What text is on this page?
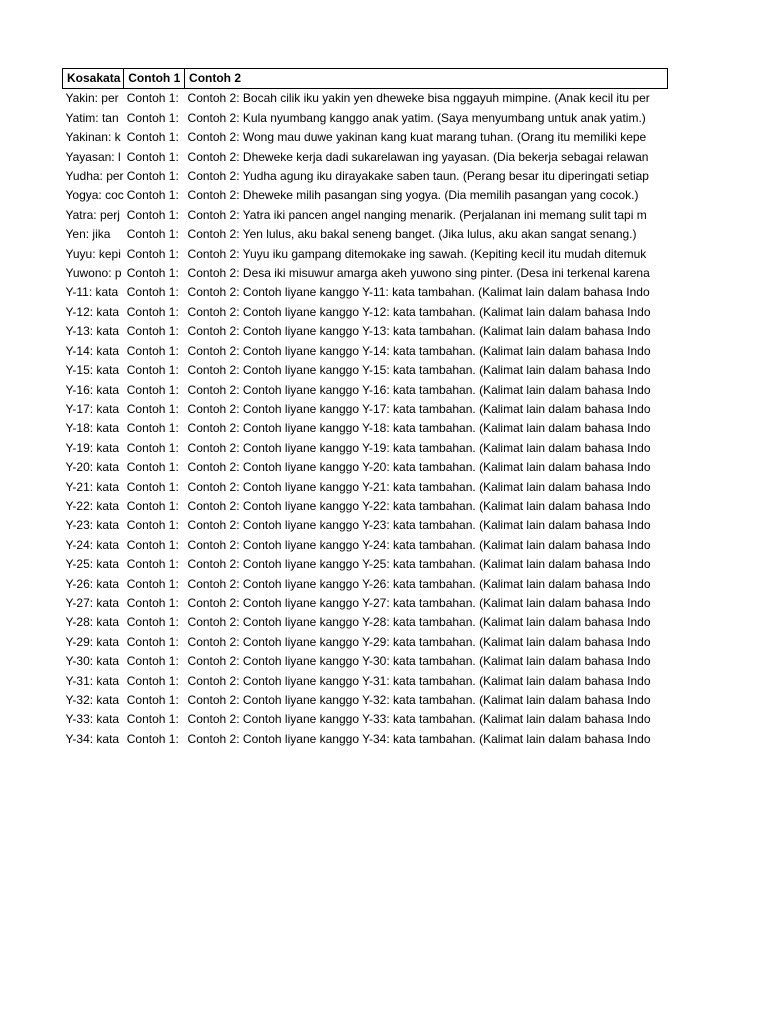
Kosakata	Contoh 1	Contoh 2
Yakin: per	Contoh 1:	Contoh 2: Bocah cilik iku yakin yen dheweke bisa nggayuh mimpine. (Anak kecil itu per
Yatim: tan	Contoh 1:	Contoh 2: Kula nyumbang kanggo anak yatim. (Saya menyumbang untuk anak yatim.)
Yakinan: k	Contoh 1:	Contoh 2: Wong mau duwe yakinan kang kuat marang tuhan. (Orang itu memiliki kepe
Yayasan: l	Contoh 1:	Contoh 2: Dheweke kerja dadi sukarelawan ing yayasan. (Dia bekerja sebagai relawan
Yudha: per	Contoh 1:	Contoh 2: Yudha agung iku dirayakake saben taun. (Perang besar itu diperingati setiap
Yogya: coc	Contoh 1:	Contoh 2: Dheweke milih pasangan sing yogya. (Dia memilih pasangan yang cocok.)
Yatra: perj	Contoh 1:	Contoh 2: Yatra iki pancen angel nanging menarik. (Perjalanan ini memang sulit tapi m
Yen: jika	Contoh 1:	Contoh 2: Yen lulus, aku bakal seneng banget. (Jika lulus, aku akan sangat senang.)
Yuyu: kepi	Contoh 1:	Contoh 2: Yuyu iku gampang ditemokake ing sawah. (Kepiting kecil itu mudah ditemuk
Yuwono: p	Contoh 1:	Contoh 2: Desa iki misuwur amarga akeh yuwono sing pinter. (Desa ini terkenal karena
Y-11: kata	Contoh 1:	Contoh 2: Contoh liyane kanggo Y-11: kata tambahan. (Kalimat lain dalam bahasa Indo
Y-12: kata	Contoh 1:	Contoh 2: Contoh liyane kanggo Y-12: kata tambahan. (Kalimat lain dalam bahasa Indo
Y-13: kata	Contoh 1:	Contoh 2: Contoh liyane kanggo Y-13: kata tambahan. (Kalimat lain dalam bahasa Indo
Y-14: kata	Contoh 1:	Contoh 2: Contoh liyane kanggo Y-14: kata tambahan. (Kalimat lain dalam bahasa Indo
Y-15: kata	Contoh 1:	Contoh 2: Contoh liyane kanggo Y-15: kata tambahan. (Kalimat lain dalam bahasa Indo
Y-16: kata	Contoh 1:	Contoh 2: Contoh liyane kanggo Y-16: kata tambahan. (Kalimat lain dalam bahasa Indo
Y-17: kata	Contoh 1:	Contoh 2: Contoh liyane kanggo Y-17: kata tambahan. (Kalimat lain dalam bahasa Indo
Y-18: kata	Contoh 1:	Contoh 2: Contoh liyane kanggo Y-18: kata tambahan. (Kalimat lain dalam bahasa Indo
Y-19: kata	Contoh 1:	Contoh 2: Contoh liyane kanggo Y-19: kata tambahan. (Kalimat lain dalam bahasa Indo
Y-20: kata	Contoh 1:	Contoh 2: Contoh liyane kanggo Y-20: kata tambahan. (Kalimat lain dalam bahasa Indo
Y-21: kata	Contoh 1:	Contoh 2: Contoh liyane kanggo Y-21: kata tambahan. (Kalimat lain dalam bahasa Indo
Y-22: kata	Contoh 1:	Contoh 2: Contoh liyane kanggo Y-22: kata tambahan. (Kalimat lain dalam bahasa Indo
Y-23: kata	Contoh 1:	Contoh 2: Contoh liyane kanggo Y-23: kata tambahan. (Kalimat lain dalam bahasa Indo
Y-24: kata	Contoh 1:	Contoh 2: Contoh liyane kanggo Y-24: kata tambahan. (Kalimat lain dalam bahasa Indo
Y-25: kata	Contoh 1:	Contoh 2: Contoh liyane kanggo Y-25: kata tambahan. (Kalimat lain dalam bahasa Indo
Y-26: kata	Contoh 1:	Contoh 2: Contoh liyane kanggo Y-26: kata tambahan. (Kalimat lain dalam bahasa Indo
Y-27: kata	Contoh 1:	Contoh 2: Contoh liyane kanggo Y-27: kata tambahan. (Kalimat lain dalam bahasa Indo
Y-28: kata	Contoh 1:	Contoh 2: Contoh liyane kanggo Y-28: kata tambahan. (Kalimat lain dalam bahasa Indo
Y-29: kata	Contoh 1:	Contoh 2: Contoh liyane kanggo Y-29: kata tambahan. (Kalimat lain dalam bahasa Indo
Y-30: kata	Contoh 1:	Contoh 2: Contoh liyane kanggo Y-30: kata tambahan. (Kalimat lain dalam bahasa Indo
Y-31: kata	Contoh 1:	Contoh 2: Contoh liyane kanggo Y-31: kata tambahan. (Kalimat lain dalam bahasa Indo
Y-32: kata	Contoh 1:	Contoh 2: Contoh liyane kanggo Y-32: kata tambahan. (Kalimat lain dalam bahasa Indo
Y-33: kata	Contoh 1:	Contoh 2: Contoh liyane kanggo Y-33: kata tambahan. (Kalimat lain dalam bahasa Indo
Y-34: kata	Contoh 1:	Contoh 2: Contoh liyane kanggo Y-34: kata tambahan. (Kalimat lain dalam bahasa Indo
